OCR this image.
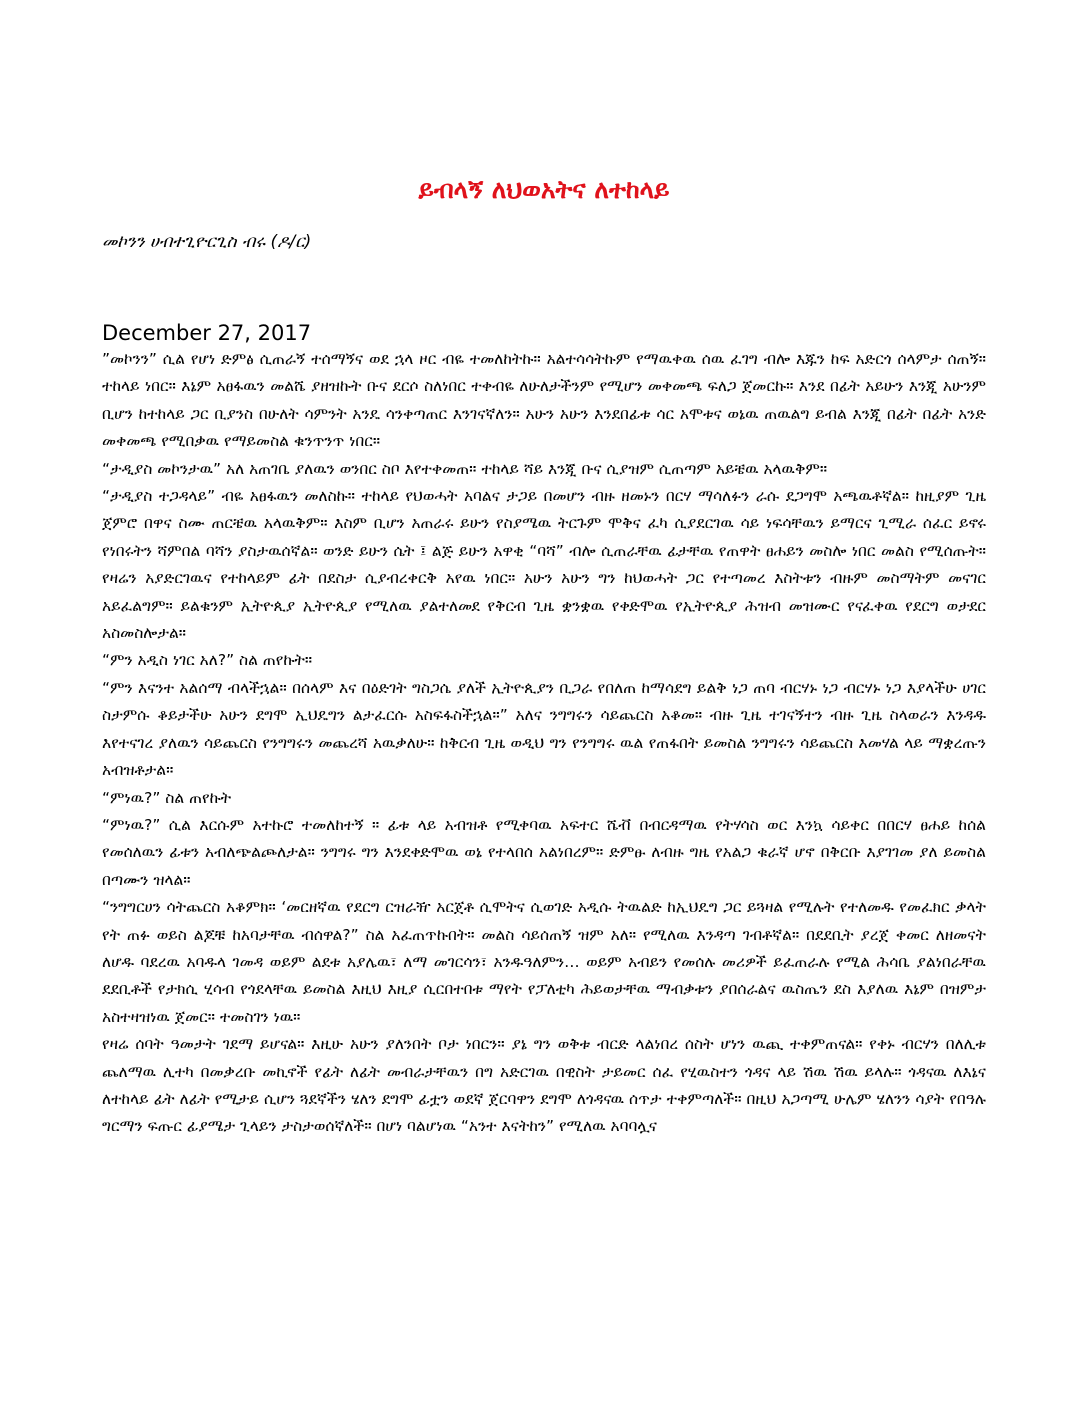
ይብላኝ ለህወአትና ለተከላይ
መኮንን ሀብተጊዮርጊስ ብሩ (ዶ/ር)
December 27, 2017

”መኮንን” ሲል የሆነ ድምፅ ሲጠራኝ ተሰማኝና ወደ ኋላ ዞር ብዬ ተመለከትኩ። አልተሳሳትኩም የማዉቀዉ ሰዉ ፈገግ ብሎ እጁን ከፍ አድርጎ ሰላምታ ሰጠኝ። ተከላይ ነበር። እኔም አፀፋዉን መልሼ ያዘዝኩት ቡና ደርሶ ስለነበር ተቀብዬ ለሁለታችንም የሚሆን መቀመጫ ፍለጋ ጀመርኩ። እንደ በፊት አይሁን እንጂ አሁንም ቢሆን ከተከላይ ጋር ቢያንስ በሁለት ሳምንት አንዴ ሳንቀጣጠር እንገናኛለን። አሁን አሁን እንደበፊቱ ሳር አሞቱና ወኔዉ ጠዉልግ ይብል እንጂ በፊት በፊት አንድ መቀመጫ የሚበቃዉ የማይመስል ቁንጥንጥ ነበር።

“ታዲያስ መኮንታዉ” አለ አጠገቤ ያለዉን ወንበር ስቦ እየተቀመጠ። ተከላይ ሻይ እንጂ ቡና ሲያዝም ሲጠጣም አይቼዉ አላዉቅም።

“ታዲያስ ተጋዳላይ” ብዬ አፀፋዉን መለስኩ። ተከላይ የህወሓት አባልና ታጋይ በመሆን ብዙ ዘመኑን በርሃ ማሳለፉን ራሱ ደጋግሞ አጫዉቶኛል። ከዚያም ጊዜ ጀምሮ በዋና ስሙ ጠርቼዉ አላዉቅም። እስም ቢሆን አጠራሩ ይሁን የስያሜዉ ትርጉም ሞቅና ፈካ ሲያደርገዉ ሳይ ነፍሳቸዉን ይማርና ጊሚራ ሰፈር ይኖሩ የነበሩትን ሻምበል ባሻን ያስታዉሰኛል። ወንድ ይሁን ሴት ፤ ልጅ ይሁን አዋቂ “ባሻ” ብሎ ሲጠራቸዉ ፊታቸዉ የጠዋት ፀሐይን መስሎ ነበር መልስ የሚሰጡት። የዛሬን አያድርገዉና የተከላይም ፊት በደስታ ሲያብረቀርቅ አየዉ ነበር። አሁን አሁን ግን ከህወሓት ጋር የተጣመረ እስትቱን ብዙም መስማትም መናገር አይፈልግም። ይልቁንም ኢትዮጲያ ኢትዮጲያ የሚለዉ ያልተለመደ የቅርብ ጊዜ ቋንቋዉ የቀድሞዉ የኢትዮጲያ ሕዝብ መዝሙር የናፈቀዉ የደርግ ወታደር አስመስሎታል።

“ምን አዲስ ነገር አለ?” ስል ጠየኩት።

“ምን እናንተ አልሰማ ብላችኋል። በሰላም እና በዕድገት ግስጋሴ ያለች ኢትዮጲያን ቢጋራ የበለጠ ከማሳደግ ይልቅ ነጋ ጠባ ብርሃኑ ነጋ ብርሃኑ ነጋ እያላችሁ ሀገር ስታምሱ ቆይታችሁ አሁን ደግሞ ኢህዴግን ልታፈርሱ አስፍፋስችኋል።” አለና ንግግሩን ሳይጨርስ አቆመ። ብዙ ጊዜ ተገናኝተን ብዙ ጊዜ ስላወራን እንዳዱ እየተናገረ ያለዉን ሳይጨርስ የንግግሩን መጨረሻ አዉቃለሁ። ከቅርብ ጊዜ ወዲህ ግን የንግግሩ ዉል የጠፋበት ይመስል ንግግሩን ሳይጨርስ እመሃል ላይ ማቋረጡን አብዝቶታል።

“ምነዉ?” ስል ጠየኩት

“ምነዉ?” ሲል እርሱም አተኩሮ ተመለከተኝ ። ፊቱ ላይ አብዝቶ የሚቀባዉ አፍተር ሼቭ በብርዳማዉ የትሃሳስ ወር እንኳ ሳይቀር በበርሃ ፀሐይ ከሰል የመሰለዉን ፊቱን አብለጭልጮለታል። ንግግሩ ግን እንደቀድሞዉ ወኔ የተላበሰ አልነበረም። ድምፁ ለብዙ ግዜ የአልጋ ቁራኛ ሆኖ በቅርቡ እያገገመ ያለ ይመስል በጣሙን ዝላል።

“ንግግርሀን ሳትጨርስ አቆምክ። ‘መርዘኛዉ የደርግ ርዝራዥ አርጀቶ ሲሞትና ሲወገድ አዲሱ ትዉልድ ከኢህዴግ ጋር ይጓዛል የሚሉት የተለመዱ የመፈክር ቃላት የት ጠፉ ወይስ ልጆቹ ከአባታቸዉ ብሰዋል?” ስል አፈጠጥኩበት። መልስ ሳይሰጠኝ ዝም አለ። የሚለዉ እንዳጣ ገብቶኛል። በደደቢት ያረጀ ቀመር ለዘመናት ለሆዱ ባደረዉ አባዱላ ገመዳ ወይም ልደቱ አያሌዉ፣ ለማ መገርሳን፣ አንዱዓለምን… ወይም አብይን የመሰሉ መሪዎች ይፈጠራሉ የሚል ሕሳቤ ያልነበራቸዉ ደደቢቶች የታክሲ ሂሳብ የጎደላቸዉ ይመስል እዚህ እዚያ ሲርበተበቱ ማየት የፓለቲካ ሕይወታቸዉ ማብቃቱን ያበሰራልና ዉስጤን ደስ እያለዉ እኔም በዝምታ አስተዛዝነዉ ጀመር። ተመስገን ነዉ።

የዛሬ ሰባት ዓመታት ገደማ ይሆናል። እዚሁ አሁን ያለንበት ቦታ ነበርን። ያኔ ግን ወቅቱ ብርድ ላልነበረ ሰስት ሆነን ዉጪ ተቀምጠናል። የቀኑ ብርሃን በለሊቱ ጨለማዉ ሊተካ በመቃረቡ መኪኖች የፊት ለፊት መብራታቸዉን በግ አድርገዉ በዊስት ታይመር ሰፈ የሂዉስተን ጎዳና ላይ ሽዉ ሽዉ ይላሉ። ጎዳናዉ ለእኔና ለተከላይ ፊት ለፊት የሚታይ ሲሆን ጓደኛችን ሄለን ደግሞ ፊቷን ወደኛ ጀርባዋን ደግሞ ለጎዳናዉ ሰጥታ ተቀምጣለች። በዚህ አጋጣሚ ሁሌም ሄለንን ሳያት የበዓሉ ግርማን ፍጡር ፊያሜታ ጊላይን ታስታወሰኛለች። በሆነ ባልሆነዉ “አንተ እናትከን” የሚለዉ አባባሏና
